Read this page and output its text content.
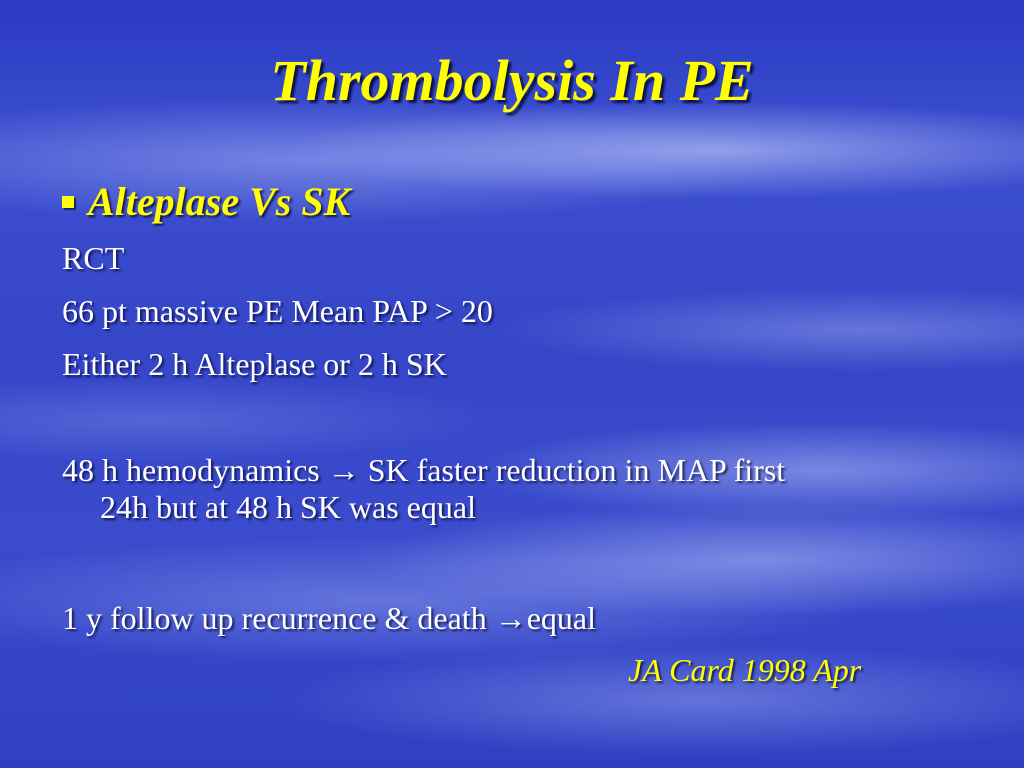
Thrombolysis In PE
Alteplase Vs SK
RCT
66 pt massive PE Mean PAP > 20
Either 2 h Alteplase or 2 h SK
48 h hemodynamics → SK faster reduction in MAP first
24h but at 48 h SK was equal
1 y follow up recurrence & death →equal
JA Card 1998 Apr
